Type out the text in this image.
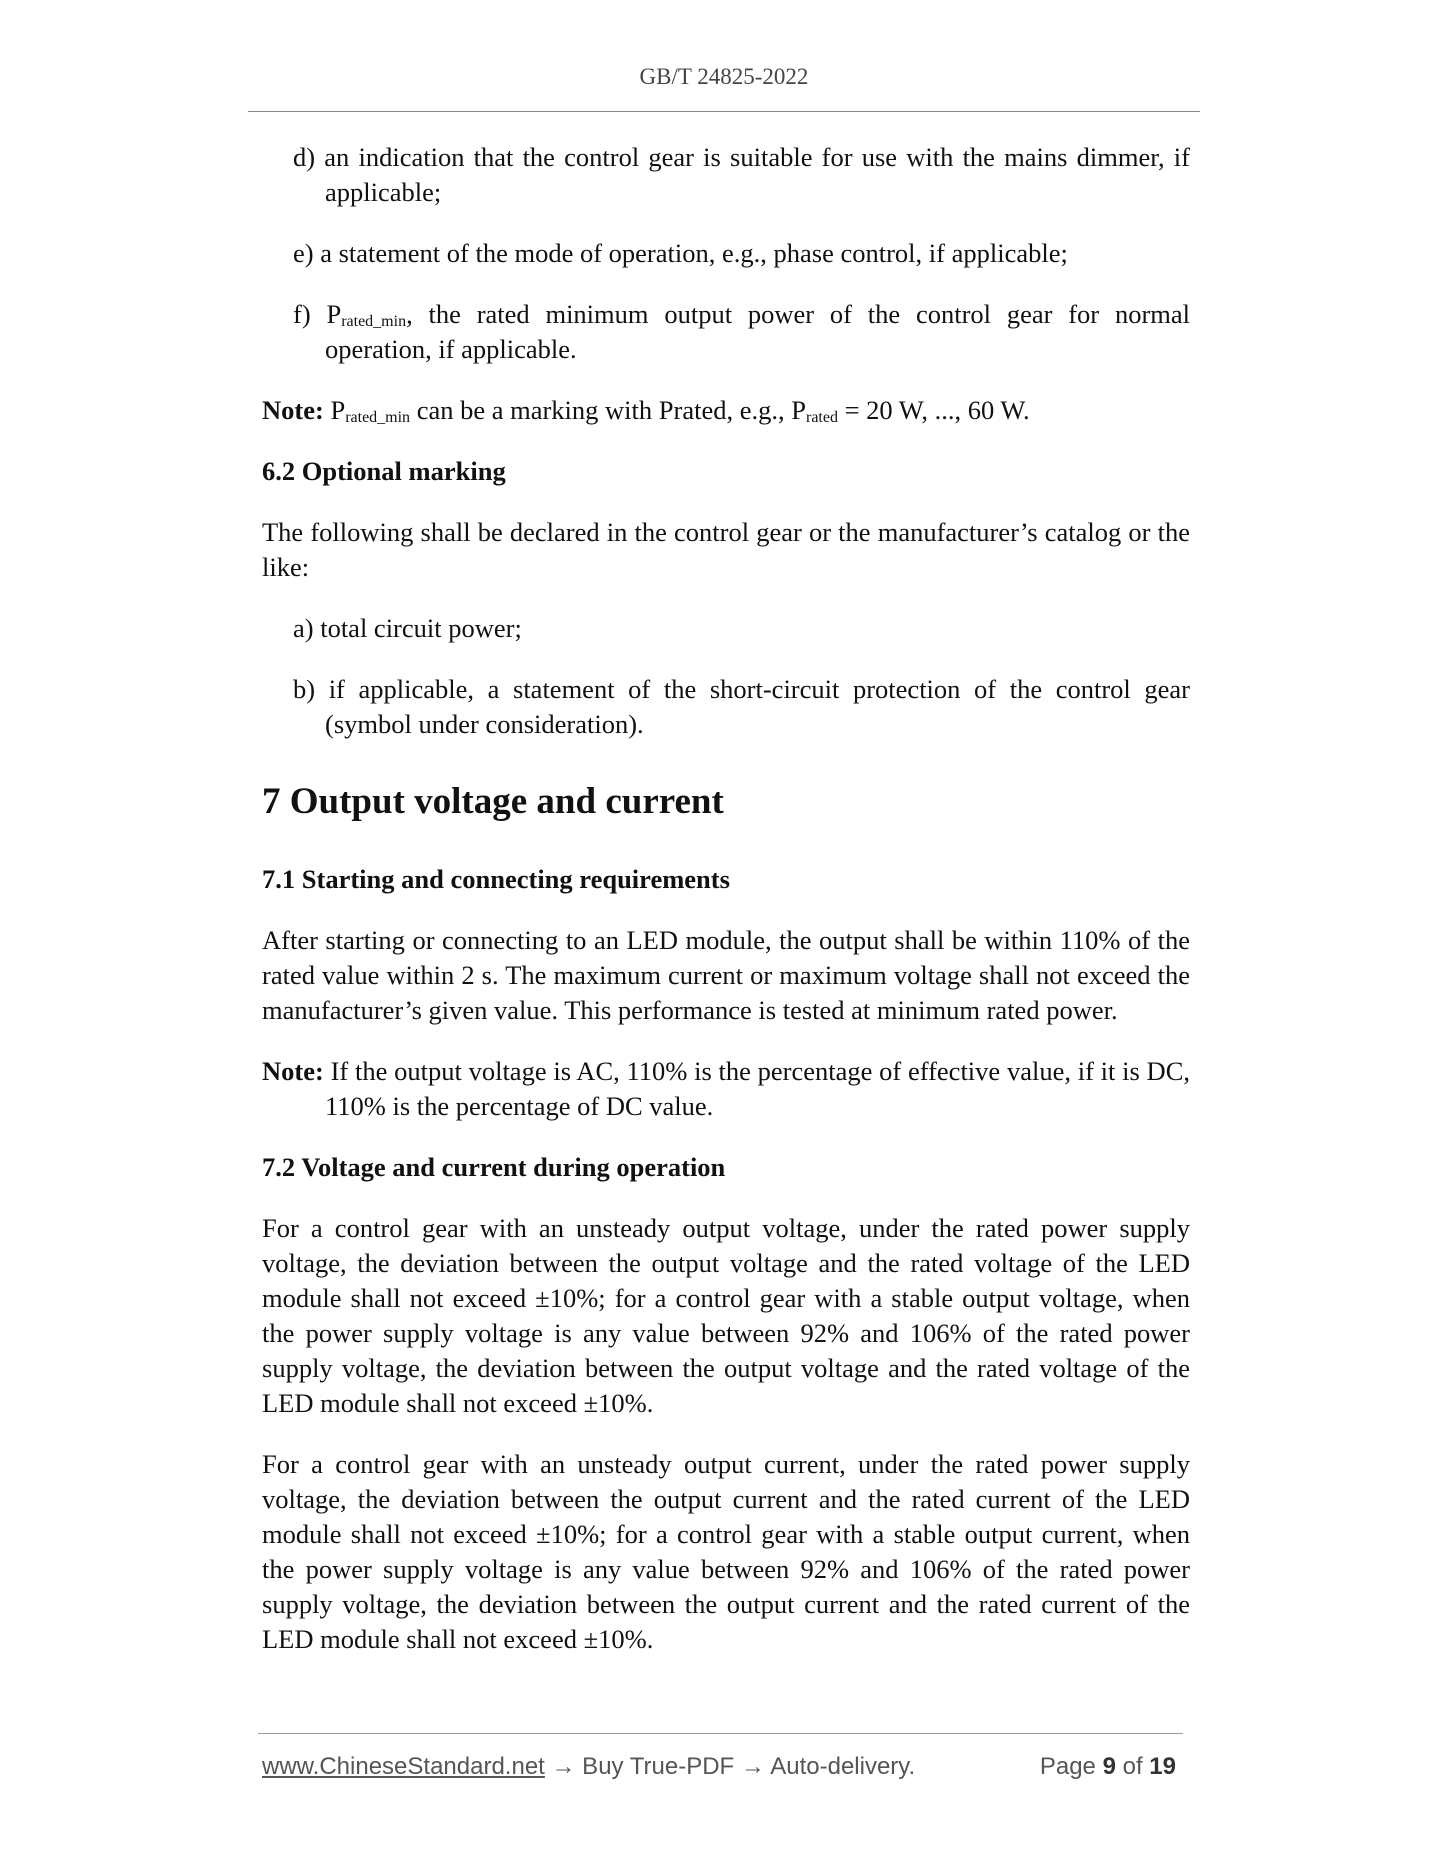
GB/T 24825-2022

d) an indication that the control gear is suitable for use with the mains dimmer, if applicable;

e) a statement of the mode of operation, e.g., phase control, if applicable;

f) $P_{rated\_min}$, the rated minimum output power of the control gear for normal operation, if applicable.

Note: $P_{rated\_min}$ can be a marking with Prated, e.g., $P_{rated} = 20$ W, ..., 60 W.

6.2 Optional marking

The following shall be declared in the control gear or the manufacturer’s catalog or the like:

a) total circuit power;

b) if applicable, a statement of the short-circuit protection of the control gear (symbol under consideration).

7 Output voltage and current
7.1 Starting and connecting requirements

After starting or connecting to an LED module, the output shall be within 110% of the rated value within 2 s. The maximum current or maximum voltage shall not exceed the manufacturer’s given value. This performance is tested at minimum rated power.

Note: If the output voltage is AC, 110% is the percentage of effective value, if it is DC, 110% is the percentage of DC value.

7.2 Voltage and current during operation

For a control gear with an unsteady output voltage, under the rated power supply voltage, the deviation between the output voltage and the rated voltage of the LED module shall not exceed ±10%; for a control gear with a stable output voltage, when the power supply voltage is any value between 92% and 106% of the rated power supply voltage, the deviation between the output voltage and the rated voltage of the LED module shall not exceed ±10%.

For a control gear with an unsteady output current, under the rated power supply voltage, the deviation between the output current and the rated current of the LED module shall not exceed ±10%; for a control gear with a stable output current, when the power supply voltage is any value between 92% and 106% of the rated power supply voltage, the deviation between the output current and the rated current of the LED module shall not exceed ±10%.

www.ChineseStandard.net → Buy True-PDF → Auto-delivery.	Page 9 of 19
